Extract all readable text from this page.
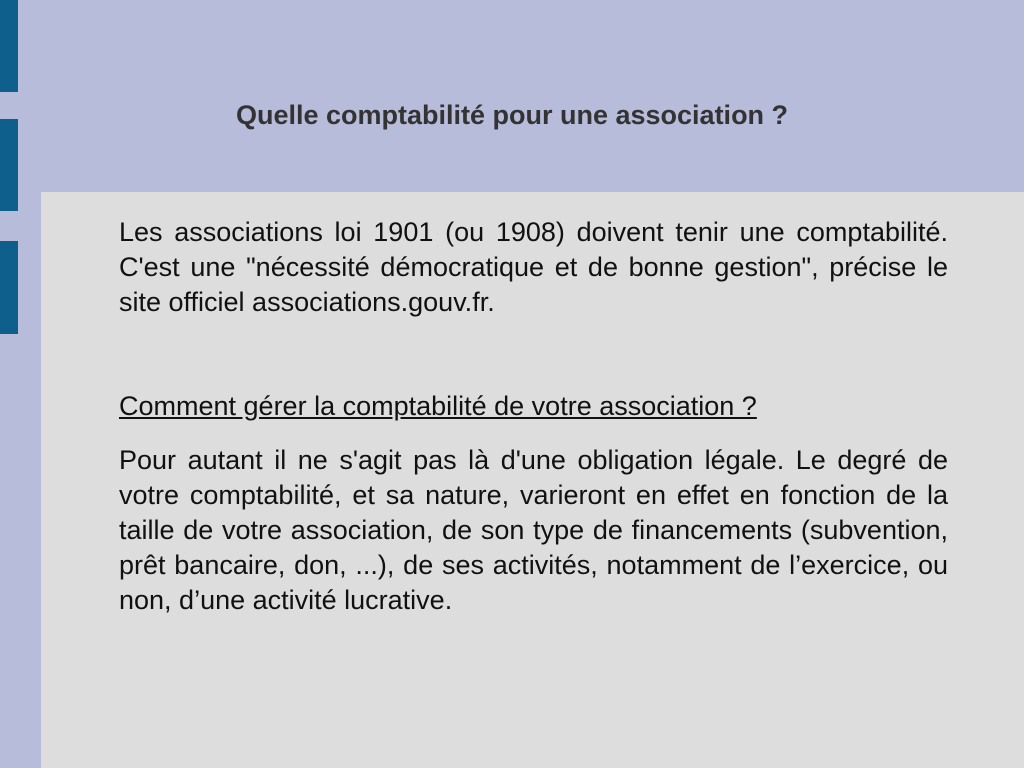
Quelle comptabilité pour une association ?

Les associations loi 1901 (ou 1908) doivent tenir une comptabilité. C'est une "nécessité démocratique et de bonne gestion", précise le site officiel associations.gouv.fr.

Comment gérer la comptabilité de votre association ?

Pour autant il ne s'agit pas là d'une obligation légale. Le degré de votre comptabilité, et sa nature, varieront en effet en fonction de la taille de votre association, de son type de financements (subvention, prêt bancaire, don, ...), de ses activités, notamment de l’exercice, ou non, d’une activité lucrative.
